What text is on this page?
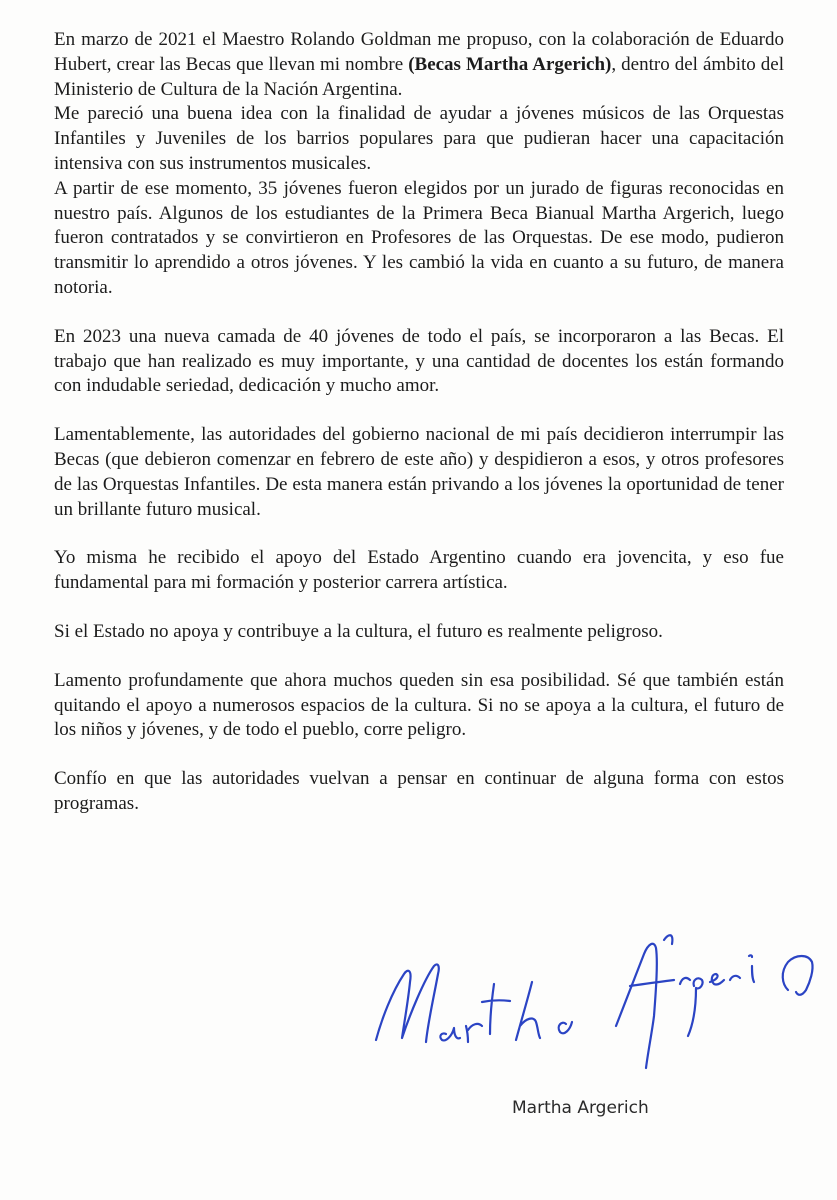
En marzo de 2021 el Maestro Rolando Goldman me propuso, con la colaboración de Eduardo Hubert, crear las Becas que llevan mi nombre (Becas Martha Argerich), dentro del ámbito del Ministerio de Cultura de la Nación Argentina.

Me pareció una buena idea con la finalidad de ayudar a jóvenes músicos de las Orquestas Infantiles y Juveniles de los barrios populares para que pudieran hacer una capacitación intensiva con sus instrumentos musicales.

A partir de ese momento, 35 jóvenes fueron elegidos por un jurado de figuras reconocidas en nuestro país. Algunos de los estudiantes de la Primera Beca Bianual Martha Argerich, luego fueron contratados y se convirtieron en Profesores de las Orquestas. De ese modo, pudieron transmitir lo aprendido a otros jóvenes. Y les cambió la vida en cuanto a su futuro, de manera notoria.

En 2023 una nueva camada de 40 jóvenes de todo el país, se incorporaron a las Becas. El trabajo que han realizado es muy importante, y una cantidad de docentes los están formando con indudable seriedad, dedicación y mucho amor.

Lamentablemente, las autoridades del gobierno nacional de mi país decidieron interrumpir las Becas (que debieron comenzar en febrero de este año) y despidieron a esos, y otros profesores de las Orquestas Infantiles. De esta manera están privando a los jóvenes la oportunidad de tener un brillante futuro musical.

Yo misma he recibido el apoyo del Estado Argentino cuando era jovencita, y eso fue fundamental para mi formación y posterior carrera artística.

Si el Estado no apoya y contribuye a la cultura, el futuro es realmente peligroso.

Lamento profundamente que ahora muchos queden sin esa posibilidad. Sé que también están quitando el apoyo a numerosos espacios de la cultura. Si no se apoya a la cultura, el futuro de los niños y jóvenes, y de todo el pueblo, corre peligro.

Confío en que las autoridades vuelvan a pensar en continuar de alguna forma con estos programas.

Martha Argerich
